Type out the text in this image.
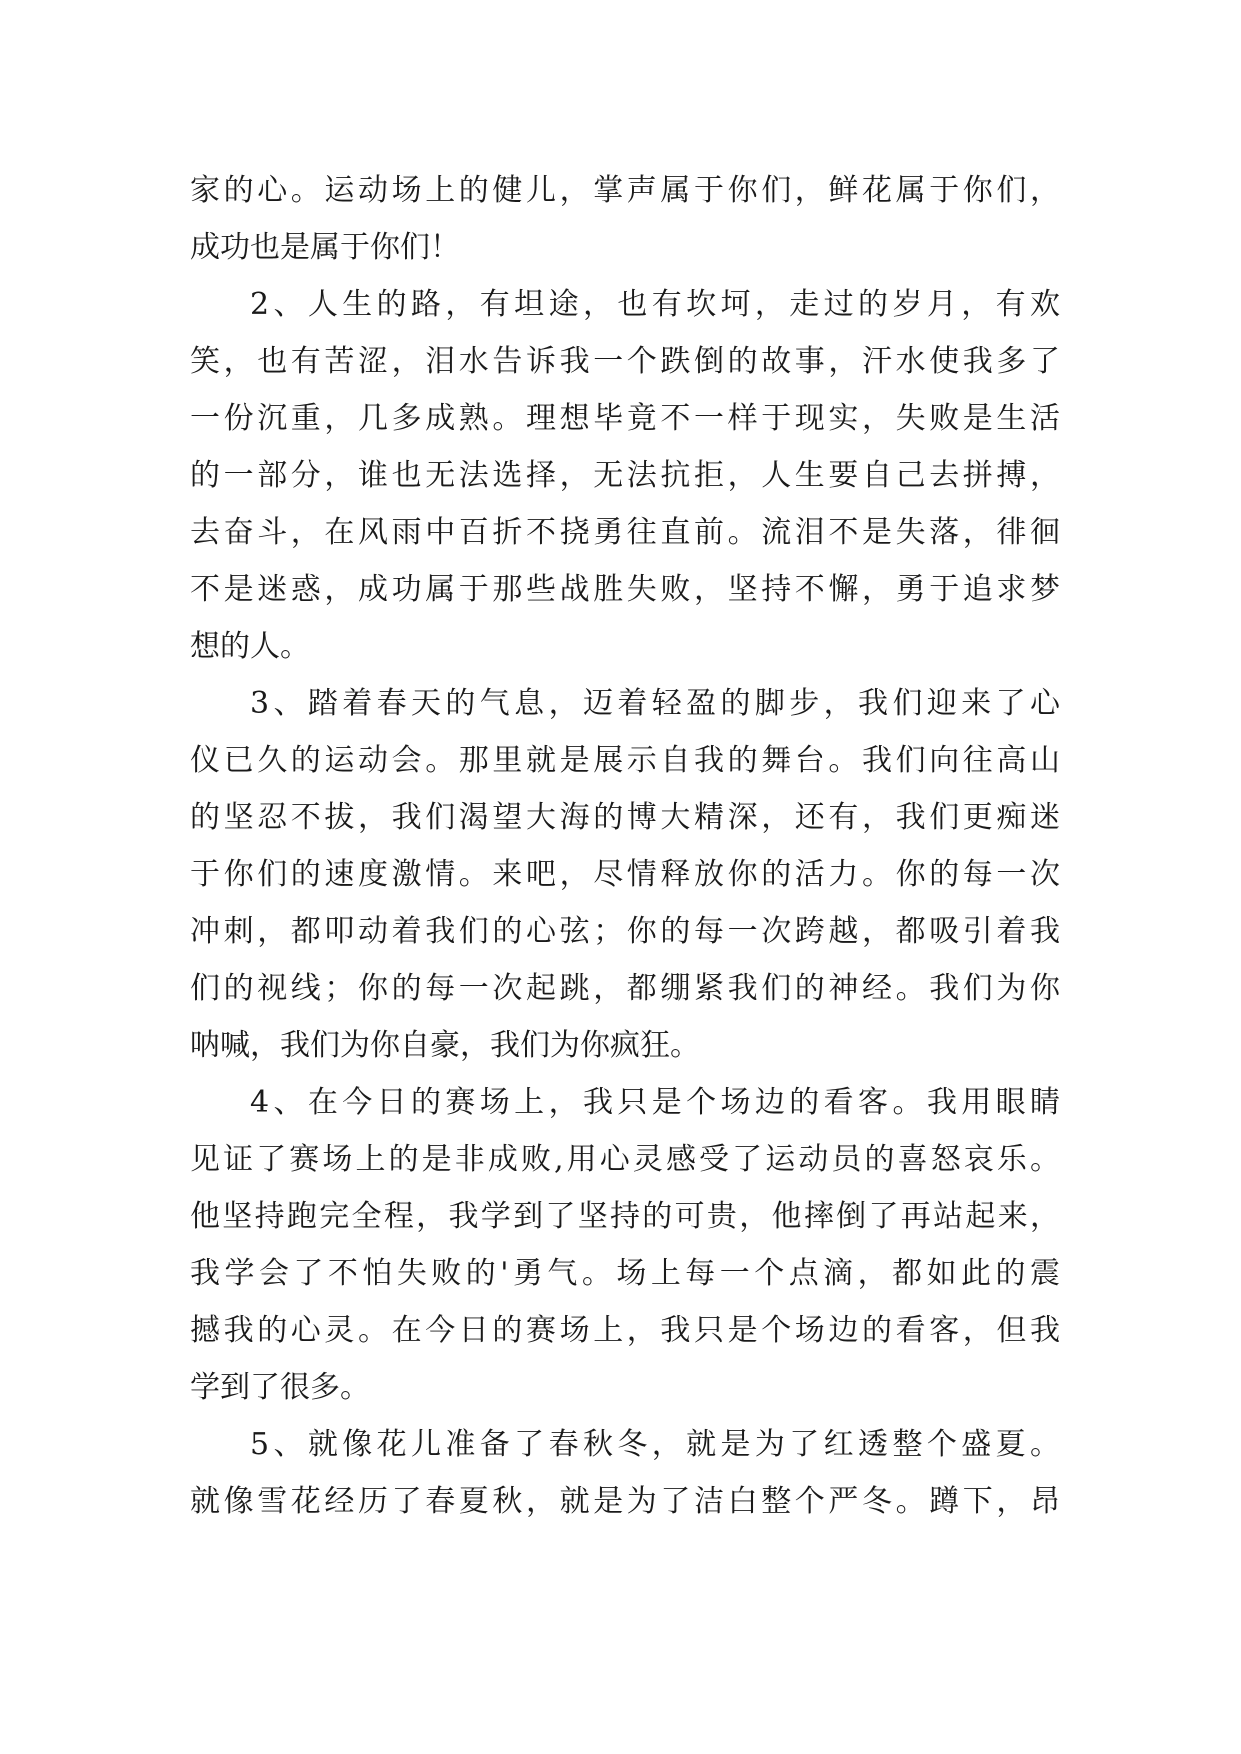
家的心。运动场上的健儿，掌声属于你们，鲜花属于你们，
成功也是属于你们！
2、人生的路，有坦途，也有坎坷，走过的岁月，有欢
笑，也有苦涩，泪水告诉我一个跌倒的故事，汗水使我多了
一份沉重，几多成熟。理想毕竟不一样于现实，失败是生活
的一部分，谁也无法选择，无法抗拒，人生要自己去拼搏，
去奋斗，在风雨中百折不挠勇往直前。流泪不是失落，徘徊
不是迷惑，成功属于那些战胜失败，坚持不懈，勇于追求梦
想的人。
3、踏着春天的气息，迈着轻盈的脚步，我们迎来了心
仪已久的运动会。那里就是展示自我的舞台。我们向往高山
的坚忍不拔，我们渴望大海的博大精深，还有，我们更痴迷
于你们的速度激情。来吧，尽情释放你的活力。你的每一次
冲刺，都叩动着我们的心弦；你的每一次跨越，都吸引着我
们的视线；你的每一次起跳，都绷紧我们的神经。我们为你
呐喊，我们为你自豪，我们为你疯狂。
4、在今日的赛场上，我只是个场边的看客。我用眼睛
见证了赛场上的是非成败,用心灵感受了运动员的喜怒哀乐。
他坚持跑完全程，我学到了坚持的可贵，他摔倒了再站起来，
我学会了不怕失败的'勇气。场上每一个点滴，都如此的震
撼我的心灵。在今日的赛场上，我只是个场边的看客，但我
学到了很多。
5、就像花儿准备了春秋冬，就是为了红透整个盛夏。
就像雪花经历了春夏秋，就是为了洁白整个严冬。蹲下，昂
